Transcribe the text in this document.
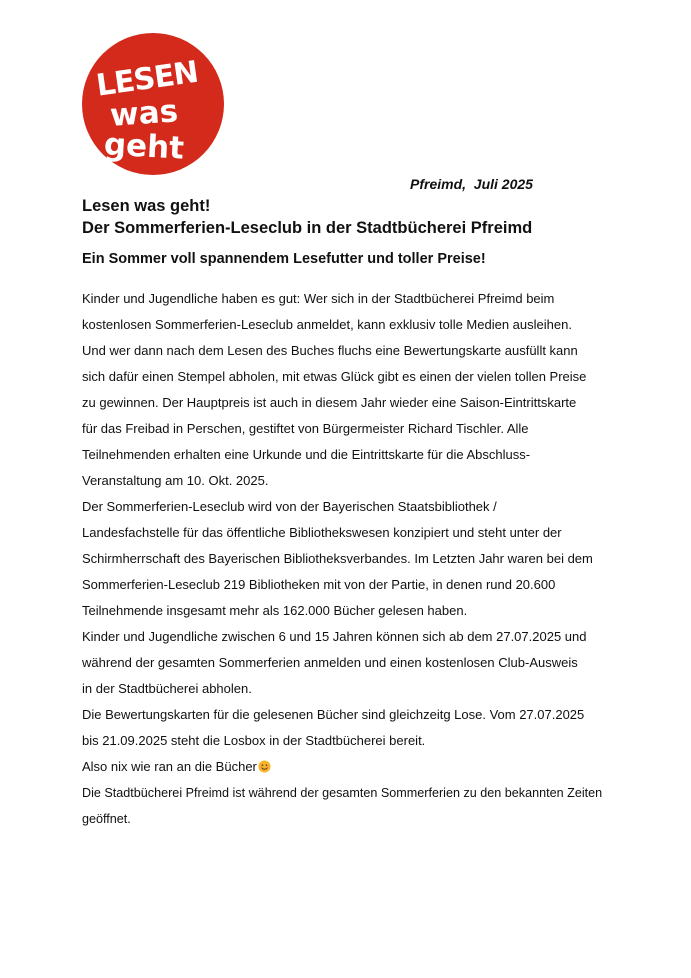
LESEN
was
geht
Pfreimd,  Juli 2025
Lesen was geht!
Der Sommerferien-Leseclub in der Stadtbücherei Pfreimd
Ein Sommer voll spannendem Lesefutter und toller Preise!
Kinder und Jugendliche haben es gut: Wer sich in der Stadtbücherei Pfreimd beim
kostenlosen Sommerferien-Leseclub anmeldet, kann exklusiv tolle Medien ausleihen.
Und wer dann nach dem Lesen des Buches fluchs eine Bewertungskarte ausfüllt kann
sich dafür einen Stempel abholen, mit etwas Glück gibt es einen der vielen tollen Preise
zu gewinnen. Der Hauptpreis ist auch in diesem Jahr wieder eine Saison-Eintrittskarte
für das Freibad in Perschen, gestiftet von Bürgermeister Richard Tischler. Alle
Teilnehmenden erhalten eine Urkunde und die Eintrittskarte für die Abschluss-
Veranstaltung am 10. Okt. 2025.
Der Sommerferien-Leseclub wird von der Bayerischen Staatsbibliothek /
Landesfachstelle für das öffentliche Bibliothekswesen konzipiert und steht unter der
Schirmherrschaft des Bayerischen Bibliotheksverbandes. Im Letzten Jahr waren bei dem
Sommerferien-Leseclub 219 Bibliotheken mit von der Partie, in denen rund 20.600
Teilnehmende insgesamt mehr als 162.000 Bücher gelesen haben.
Kinder und Jugendliche zwischen 6 und 15 Jahren können sich ab dem 27.07.2025 und
während der gesamten Sommerferien anmelden und einen kostenlosen Club-Ausweis
in der Stadtbücherei abholen.
Die Bewertungskarten für die gelesenen Bücher sind gleichzeitg Lose. Vom 27.07.2025
bis 21.09.2025 steht die Losbox in der Stadtbücherei bereit.
Also nix wie ran an die Bücher
Die Stadtbücherei Pfreimd ist während der gesamten Sommerferien zu den bekannten Zeiten
geöffnet.
